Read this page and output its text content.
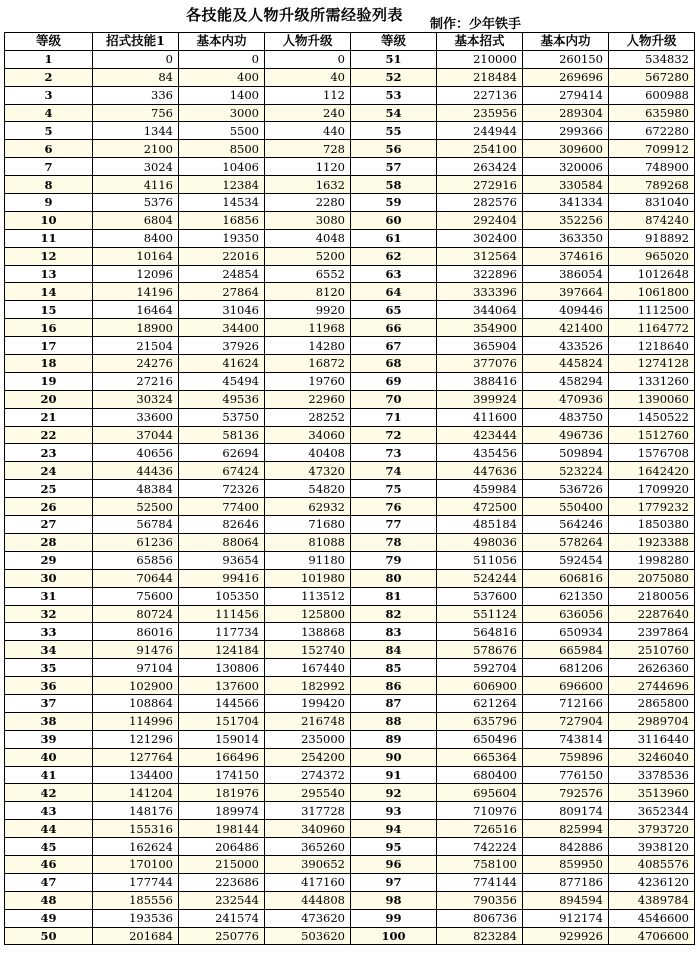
各技能及人物升级所需经验列表
制作：少年铁手
等级	招式技能1	基本内功	人物升级	等级	基本招式	基本内功	人物升级
1	0	0	0	51	210000	260150	534832
2	84	400	40	52	218484	269696	567280
3	336	1400	112	53	227136	279414	600988
4	756	3000	240	54	235956	289304	635980
5	1344	5500	440	55	244944	299366	672280
6	2100	8500	728	56	254100	309600	709912
7	3024	10406	1120	57	263424	320006	748900
8	4116	12384	1632	58	272916	330584	789268
9	5376	14534	2280	59	282576	341334	831040
10	6804	16856	3080	60	292404	352256	874240
11	8400	19350	4048	61	302400	363350	918892
12	10164	22016	5200	62	312564	374616	965020
13	12096	24854	6552	63	322896	386054	1012648
14	14196	27864	8120	64	333396	397664	1061800
15	16464	31046	9920	65	344064	409446	1112500
16	18900	34400	11968	66	354900	421400	1164772
17	21504	37926	14280	67	365904	433526	1218640
18	24276	41624	16872	68	377076	445824	1274128
19	27216	45494	19760	69	388416	458294	1331260
20	30324	49536	22960	70	399924	470936	1390060
21	33600	53750	28252	71	411600	483750	1450522
22	37044	58136	34060	72	423444	496736	1512760
23	40656	62694	40408	73	435456	509894	1576708
24	44436	67424	47320	74	447636	523224	1642420
25	48384	72326	54820	75	459984	536726	1709920
26	52500	77400	62932	76	472500	550400	1779232
27	56784	82646	71680	77	485184	564246	1850380
28	61236	88064	81088	78	498036	578264	1923388
29	65856	93654	91180	79	511056	592454	1998280
30	70644	99416	101980	80	524244	606816	2075080
31	75600	105350	113512	81	537600	621350	2180056
32	80724	111456	125800	82	551124	636056	2287640
33	86016	117734	138868	83	564816	650934	2397864
34	91476	124184	152740	84	578676	665984	2510760
35	97104	130806	167440	85	592704	681206	2626360
36	102900	137600	182992	86	606900	696600	2744696
37	108864	144566	199420	87	621264	712166	2865800
38	114996	151704	216748	88	635796	727904	2989704
39	121296	159014	235000	89	650496	743814	3116440
40	127764	166496	254200	90	665364	759896	3246040
41	134400	174150	274372	91	680400	776150	3378536
42	141204	181976	295540	92	695604	792576	3513960
43	148176	189974	317728	93	710976	809174	3652344
44	155316	198144	340960	94	726516	825994	3793720
45	162624	206486	365260	95	742224	842886	3938120
46	170100	215000	390652	96	758100	859950	4085576
47	177744	223686	417160	97	774144	877186	4236120
48	185556	232544	444808	98	790356	894594	4389784
49	193536	241574	473620	99	806736	912174	4546600
50	201684	250776	503620	100	823284	929926	4706600
